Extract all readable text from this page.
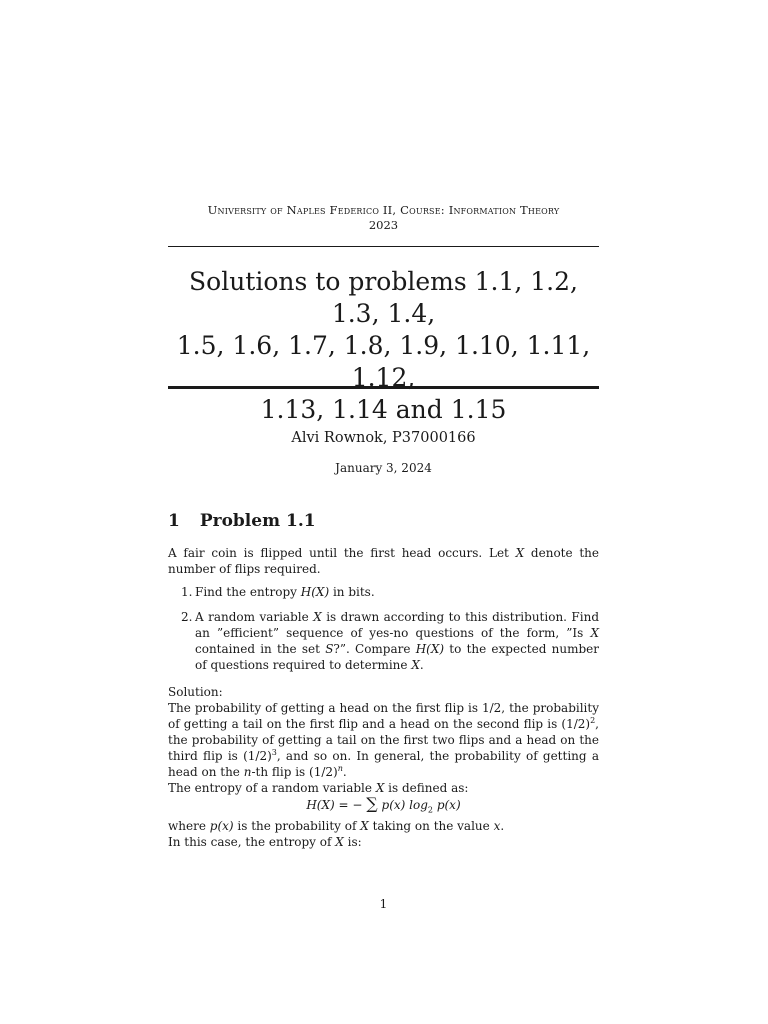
University of Naples Federico II, Course: Information Theory
2023
Solutions to problems 1.1, 1.2, 1.3, 1.4,
1.5, 1.6, 1.7, 1.8, 1.9, 1.10, 1.11, 1.12,
1.13, 1.14 and 1.15
Alvi Rownok, P37000166
January 3, 2024
1 Problem 1.1
A fair coin is flipped until the first head occurs. Let X denote the number of flips required.
1. Find the entropy H(X) in bits.
2. A random variable X is drawn according to this distribution. Find an ”efficient” sequence of yes-no questions of the form, ”Is X contained in the set S?”. Compare H(X) to the expected number of questions required to determine X.
Solution:
The probability of getting a head on the first flip is 1/2, the probability of getting a tail on the first flip and a head on the second flip is $(1/2)^2$, the probability of getting a tail on the first two flips and a head on the third flip is $(1/2)^3$, and so on. In general, the probability of getting a head on the n-th flip is $(1/2)^n$.
The entropy of a random variable X is defined as:
H(X) = − ∑ p(x) $\log_2 p(x)$
where p(x) is the probability of X taking on the value x.
In this case, the entropy of X is:
1
